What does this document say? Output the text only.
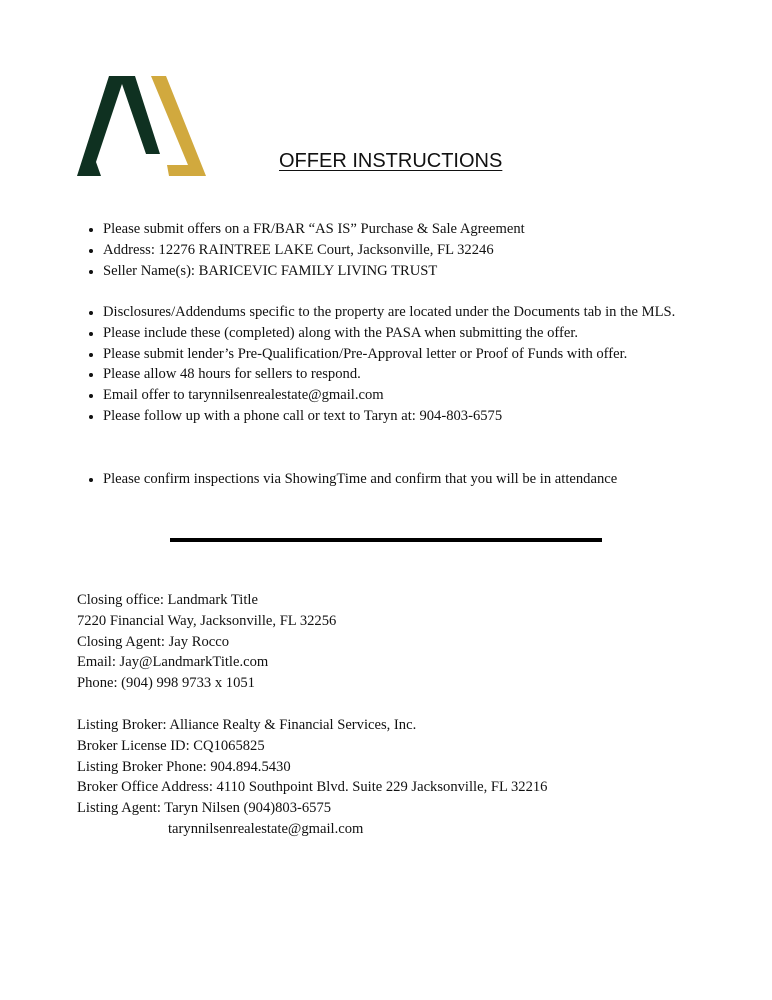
OFFER INSTRUCTIONS
• Please submit offers on a FR/BAR “AS IS” Purchase & Sale Agreement
• Address: 12276 RAINTREE LAKE Court, Jacksonville, FL 32246
• Seller Name(s): BARICEVIC FAMILY LIVING TRUST
• Disclosures/Addendums specific to the property are located under the Documents tab in the MLS.
• Please include these (completed) along with the PASA when submitting the offer.
• Please submit lender’s Pre-Qualification/Pre-Approval letter or Proof of Funds with offer.
• Please allow 48 hours for sellers to respond.
• Email offer to tarynnilsenrealestate@gmail.com
• Please follow up with a phone call or text to Taryn at: 904-803-6575
• Please confirm inspections via ShowingTime and confirm that you will be in attendance
Closing office: Landmark Title
7220 Financial Way, Jacksonville, FL 32256
Closing Agent: Jay Rocco
Email: Jay@LandmarkTitle.com
Phone: (904) 998 9733 x 1051
Listing Broker: Alliance Realty & Financial Services, Inc.
Broker License ID: CQ1065825
Listing Broker Phone: 904.894.5430
Broker Office Address: 4110 Southpoint Blvd. Suite 229 Jacksonville, FL 32216
Listing Agent: Taryn Nilsen (904)803-6575
tarynnilsenrealestate@gmail.com
